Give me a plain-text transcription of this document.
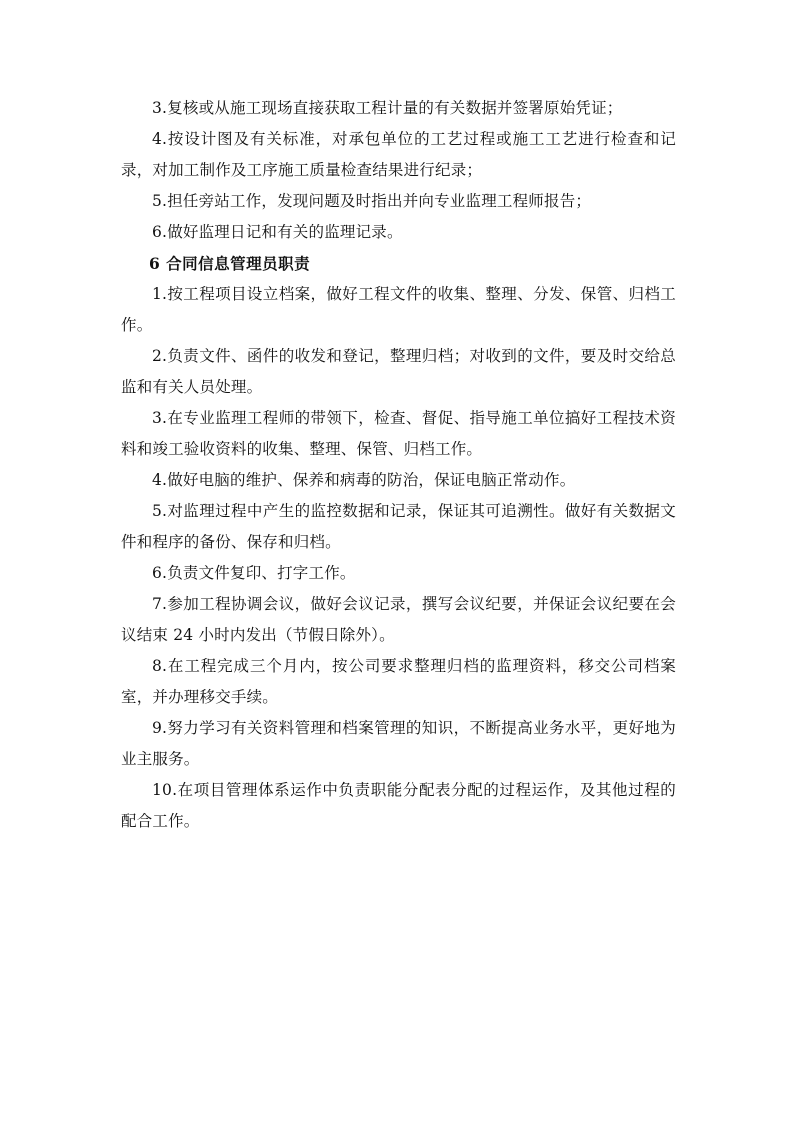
3.复核或从施工现场直接获取工程计量的有关数据并签署原始凭证；

4.按设计图及有关标准，对承包单位的工艺过程或施工工艺进行检查和记录，对加工制作及工序施工质量检查结果进行纪录；

5.担任旁站工作，发现问题及时指出并向专业监理工程师报告；

6.做好监理日记和有关的监理记录。

6 合同信息管理员职责

1.按工程项目设立档案，做好工程文件的收集、整理、分发、保管、归档工作。

2.负责文件、函件的收发和登记，整理归档；对收到的文件，要及时交给总监和有关人员处理。

3.在专业监理工程师的带领下，检查、督促、指导施工单位搞好工程技术资料和竣工验收资料的收集、整理、保管、归档工作。

4.做好电脑的维护、保养和病毒的防治，保证电脑正常动作。

5.对监理过程中产生的监控数据和记录，保证其可追溯性。做好有关数据文件和程序的备份、保存和归档。

6.负责文件复印、打字工作。

7.参加工程协调会议，做好会议记录，撰写会议纪要，并保证会议纪要在会议结束 24 小时内发出（节假日除外）。

8.在工程完成三个月内，按公司要求整理归档的监理资料，移交公司档案室，并办理移交手续。

9.努力学习有关资料管理和档案管理的知识，不断提高业务水平，更好地为业主服务。

10.在项目管理体系运作中负责职能分配表分配的过程运作，及其他过程的配合工作。
